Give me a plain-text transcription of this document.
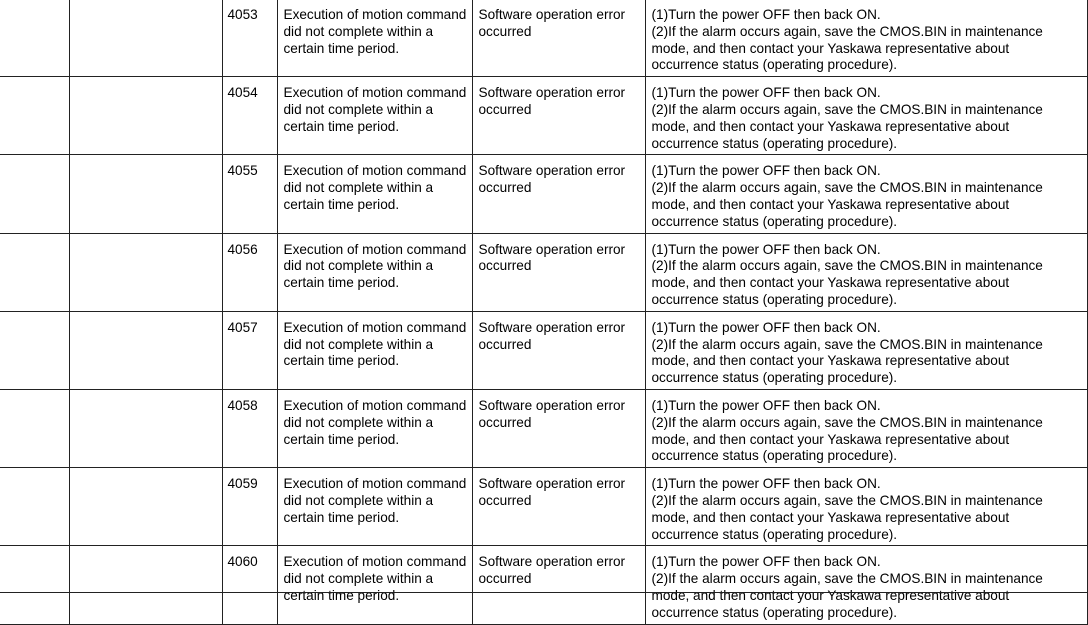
		4053	Execution of motion command
did not complete within a
certain time period.	Software operation error
occurred	(1)Turn the power OFF then back ON.
(2)If the alarm occurs again, save the CMOS.BIN in maintenance
mode, and then contact your Yaskawa representative about
occurrence status (operating procedure).

		4054	Execution of motion command
did not complete within a
certain time period.	Software operation error
occurred	(1)Turn the power OFF then back ON.
(2)If the alarm occurs again, save the CMOS.BIN in maintenance
mode, and then contact your Yaskawa representative about
occurrence status (operating procedure).

		4055	Execution of motion command
did not complete within a
certain time period.	Software operation error
occurred	(1)Turn the power OFF then back ON.
(2)If the alarm occurs again, save the CMOS.BIN in maintenance
mode, and then contact your Yaskawa representative about
occurrence status (operating procedure).

		4056	Execution of motion command
did not complete within a
certain time period.	Software operation error
occurred	(1)Turn the power OFF then back ON.
(2)If the alarm occurs again, save the CMOS.BIN in maintenance
mode, and then contact your Yaskawa representative about
occurrence status (operating procedure).

		4057	Execution of motion command
did not complete within a
certain time period.	Software operation error
occurred	(1)Turn the power OFF then back ON.
(2)If the alarm occurs again, save the CMOS.BIN in maintenance
mode, and then contact your Yaskawa representative about
occurrence status (operating procedure).

		4058	Execution of motion command
did not complete within a
certain time period.	Software operation error
occurred	(1)Turn the power OFF then back ON.
(2)If the alarm occurs again, save the CMOS.BIN in maintenance
mode, and then contact your Yaskawa representative about
occurrence status (operating procedure).

		4059	Execution of motion command
did not complete within a
certain time period.	Software operation error
occurred	(1)Turn the power OFF then back ON.
(2)If the alarm occurs again, save the CMOS.BIN in maintenance
mode, and then contact your Yaskawa representative about
occurrence status (operating procedure).

		4060	Execution of motion command
did not complete within a
certain time period.	Software operation error
occurred	(1)Turn the power OFF then back ON.
(2)If the alarm occurs again, save the CMOS.BIN in maintenance
mode, and then contact your Yaskawa representative about
occurrence status (operating procedure).
